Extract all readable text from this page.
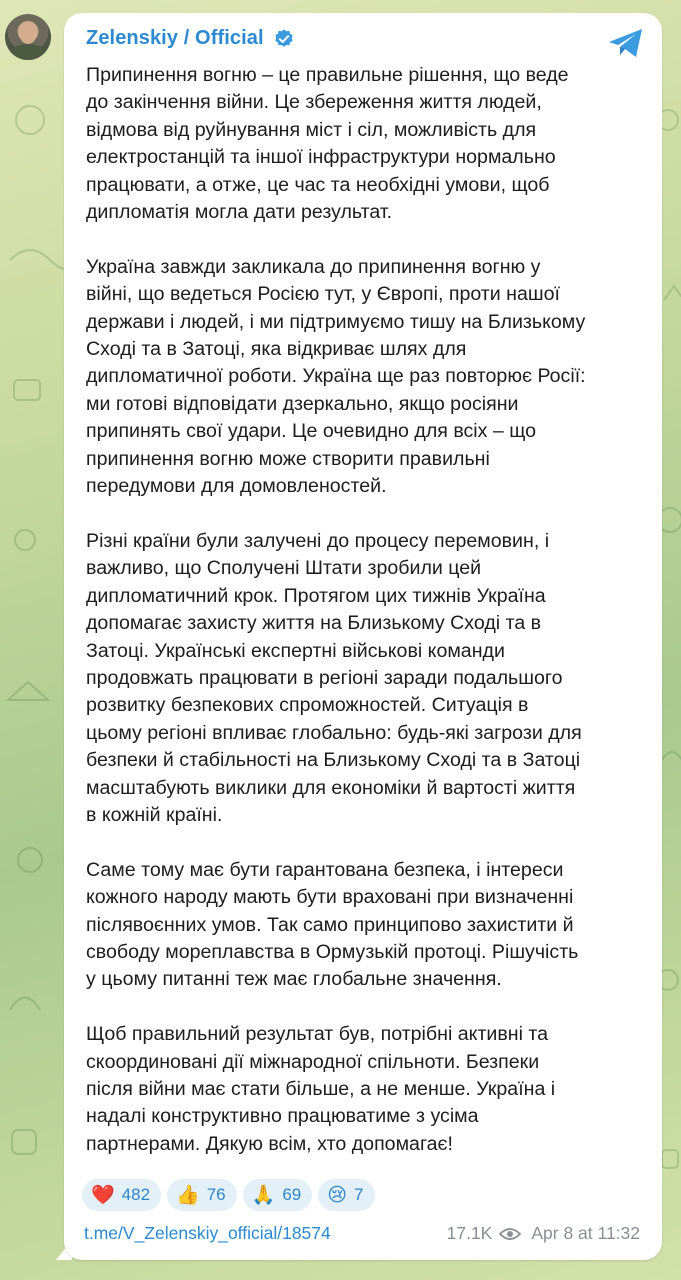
Zelenskiy / Official

Припинення вогню – це правильне рішення, що веде
до закінчення війни. Це збереження життя людей,
відмова від руйнування міст і сіл, можливість для
електростанцій та іншої інфраструктури нормально
працювати, а отже, це час та необхідні умови, щоб
дипломатія могла дати результат.

Україна завжди закликала до припинення вогню у
війні, що ведеться Росією тут, у Європі, проти нашої
держави і людей, і ми підтримуємо тишу на Близькому
Сході та в Затоці, яка відкриває шлях для
дипломатичної роботи. Україна ще раз повторює Росії:
ми готові відповідати дзеркально, якщо росіяни
припинять свої удари. Це очевидно для всіх – що
припинення вогню може створити правильні
передумови для домовленостей.

Різні країни були залучені до процесу перемовин, і
важливо, що Сполучені Штати зробили цей
дипломатичний крок. Протягом цих тижнів Україна
допомагає захисту життя на Близькому Сході та в
Затоці. Українські експертні військові команди
продовжать працювати в регіоні заради подальшого
розвитку безпекових спроможностей. Ситуація в
цьому регіоні впливає глобально: будь-які загрози для
безпеки й стабільності на Близькому Сході та в Затоці
масштабують виклики для економіки й вартості життя
в кожній країні.

Саме тому має бути гарантована безпека, і інтереси
кожного народу мають бути враховані при визначенні
післявоєнних умов. Так само принципово захистити й
свободу мореплавства в Ормузькій протоці. Рішучість
у цьому питанні теж має глобальне значення.

Щоб правильний результат був, потрібні активні та
скоординовані дії міжнародної спільноти. Безпеки
після війни має стати більше, а не менше. Україна і
надалі конструктивно працюватиме з усіма
партнерами. Дякую всім, хто допомагає!

❤️ 482 👍 76 🙏 69 😢 7
t.me/V_Zelenskiy_official/18574	17.1K Apr 8 at 11:32
